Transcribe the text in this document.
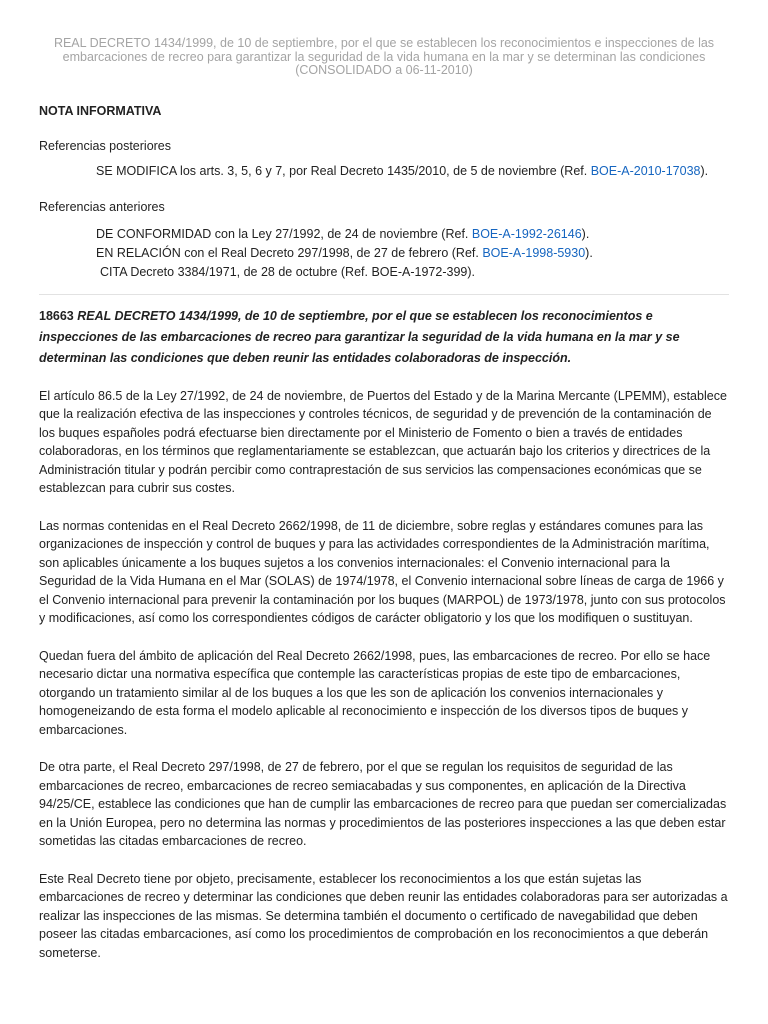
REAL DECRETO 1434/1999, de 10 de septiembre, por el que se establecen los reconocimientos e inspecciones de las
embarcaciones de recreo para garantizar la seguridad de la vida humana en la mar y se determinan las condiciones
(CONSOLIDADO a 06-11-2010)
NOTA INFORMATIVA
Referencias posteriores
SE MODIFICA los arts. 3, 5, 6 y 7, por Real Decreto 1435/2010, de 5 de noviembre (Ref. BOE-A-2010-17038).
Referencias anteriores
DE CONFORMIDAD con la Ley 27/1992, de 24 de noviembre (Ref. BOE-A-1992-26146).
EN RELACIÓN con el Real Decreto 297/1998, de 27 de febrero (Ref. BOE-A-1998-5930).
CITA Decreto 3384/1971, de 28 de octubre (Ref. BOE-A-1972-399).
18663 REAL DECRETO 1434/1999, de 10 de septiembre, por el que se establecen los reconocimientos e inspecciones de las embarcaciones de recreo para garantizar la seguridad de la vida humana en la mar y se determinan las condiciones que deben reunir las entidades colaboradoras de inspección.

El artículo 86.5 de la Ley 27/1992, de 24 de noviembre, de Puertos del Estado y de la Marina Mercante (LPEMM), establece que la realización efectiva de las inspecciones y controles técnicos, de seguridad y de prevención de la contaminación de los buques españoles podrá efectuarse bien directamente por el Ministerio de Fomento o bien a través de entidades colaboradoras, en los términos que reglamentariamente se establezcan, que actuarán bajo los criterios y directrices de la Administración titular y podrán percibir como contraprestación de sus servicios las compensaciones económicas que se establezcan para cubrir sus costes.

Las normas contenidas en el Real Decreto 2662/1998, de 11 de diciembre, sobre reglas y estándares comunes para las organizaciones de inspección y control de buques y para las actividades correspondientes de la Administración marítima, son aplicables únicamente a los buques sujetos a los convenios internacionales: el Convenio internacional para la Seguridad de la Vida Humana en el Mar (SOLAS) de 1974/1978, el Convenio internacional sobre líneas de carga de 1966 y el Convenio internacional para prevenir la contaminación por los buques (MARPOL) de 1973/1978, junto con sus protocolos y modificaciones, así como los correspondientes códigos de carácter obligatorio y los que los modifiquen o sustituyan.

Quedan fuera del ámbito de aplicación del Real Decreto 2662/1998, pues, las embarcaciones de recreo. Por ello se hace necesario dictar una normativa específica que contemple las características propias de este tipo de embarcaciones, otorgando un tratamiento similar al de los buques a los que les son de aplicación los convenios internacionales y homogeneizando de esta forma el modelo aplicable al reconocimiento e inspección de los diversos tipos de buques y embarcaciones.

De otra parte, el Real Decreto 297/1998, de 27 de febrero, por el que se regulan los requisitos de seguridad de las embarcaciones de recreo, embarcaciones de recreo semiacabadas y sus componentes, en aplicación de la Directiva 94/25/CE, establece las condiciones que han de cumplir las embarcaciones de recreo para que puedan ser comercializadas en la Unión Europea, pero no determina las normas y procedimientos de las posteriores inspecciones a las que deben estar sometidas las citadas embarcaciones de recreo.

Este Real Decreto tiene por objeto, precisamente, establecer los reconocimientos a los que están sujetas las embarcaciones de recreo y determinar las condiciones que deben reunir las entidades colaboradoras para ser autorizadas a realizar las inspecciones de las mismas. Se determina también el documento o certificado de navegabilidad que deben poseer las citadas embarcaciones, así como los procedimientos de comprobación en los reconocimientos a que deberán someterse.
